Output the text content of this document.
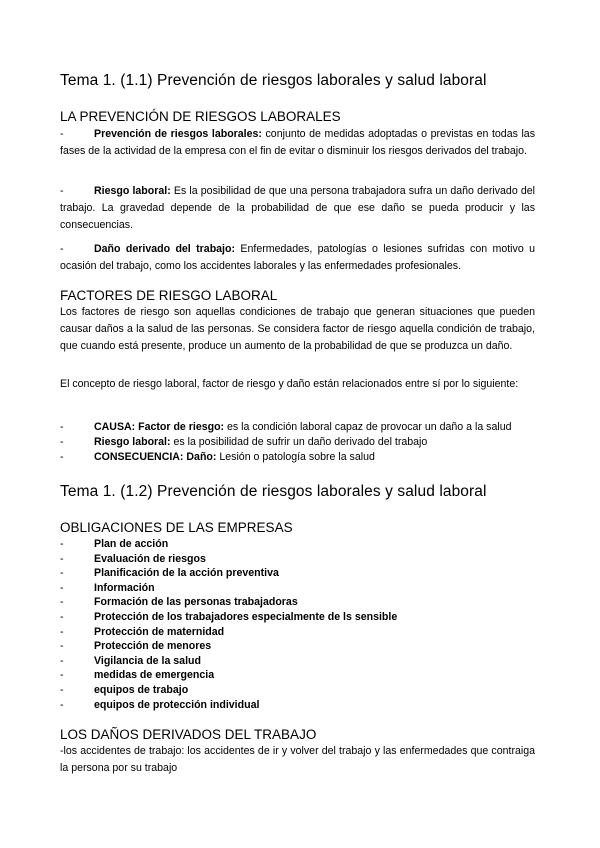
Tema 1. (1.1) Prevención de riesgos laborales y salud laboral
LA PREVENCIÓN DE RIESGOS LABORALES
-	Prevención de riesgos laborales: conjunto de medidas adoptadas o previstas en todas las fases de la actividad de la empresa con el fin de evitar o disminuir los riesgos derivados del trabajo.
-	Riesgo laboral: Es la posibilidad de que una persona trabajadora sufra un daño derivado del trabajo. La gravedad depende de la probabilidad de que ese daño se pueda producir y las consecuencias.
-	Daño derivado del trabajo: Enfermedades, patologías o lesiones sufridas con motivo u ocasión del trabajo, como los accidentes laborales y las enfermedades profesionales.
FACTORES DE RIESGO LABORAL
Los factores de riesgo son aquellas condiciones de trabajo que generan situaciones que pueden causar daños a la salud de las personas. Se considera factor de riesgo aquella condición de trabajo, que cuando está presente, produce un aumento de la probabilidad de que se produzca un daño.
El concepto de riesgo laboral, factor de riesgo y daño están relacionados entre sí por lo siguiente:
-	CAUSA: Factor de riesgo: es la condición laboral capaz de provocar un daño a la salud
-	Riesgo laboral: es la posibilidad de sufrir un daño derivado del trabajo
-	CONSECUENCIA: Daño: Lesión o patología sobre la salud
Tema 1. (1.2) Prevención de riesgos laborales y salud laboral
OBLIGACIONES DE LAS EMPRESAS
-	Plan de acción
-	Evaluación de riesgos
-	Planificación de la acción preventiva
-	Información
-	Formación de las personas trabajadoras
-	Protección de los trabajadores especialmente de ls sensible
-	Protección de maternidad
-	Protección de menores
-	Vigilancia de la salud
-	medidas de emergencia
-	equipos de trabajo
-	equipos de protección individual
LOS DAÑOS DERIVADOS DEL TRABAJO
-los accidentes de trabajo: los accidentes de ir y volver del trabajo y las enfermedades que contraiga la persona por su trabajo
